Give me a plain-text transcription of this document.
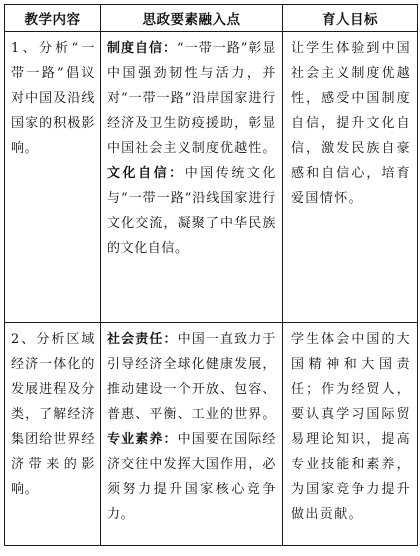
教学内容	思政要素融入点	育人目标

1、分析“一带一路”倡议对中国及沿线国家的积极影响。	制度自信：“一带一路”彰显中国强劲韧性与活力，并对“一带一路”沿岸国家进行经济及卫生防疫援助，彰显中国社会主义制度优越性。文化自信：中国传统文化与“一带一路”沿线国家进行文化交流，凝聚了中华民族的文化自信。	让学生体验到中国社会主义制度优越性，感受中国制度自信，提升文化自信，激发民族自豪感和自信心，培育爱国情怀。

2、分析区域经济一体化的发展进程及分类，了解经济集团给世界经济带来的影响。	社会责任：中国一直致力于引导经济全球化健康发展，推动建设一个开放、包容、普惠、平衡、工业的世界。专业素养：中国要在国际经济交往中发挥大国作用，必须努力提升国家核心竞争力。	学生体会中国的大国精神和大国责任；作为经贸人，要认真学习国际贸易理论知识，提高专业技能和素养，为国家竞争力提升做出贡献。
